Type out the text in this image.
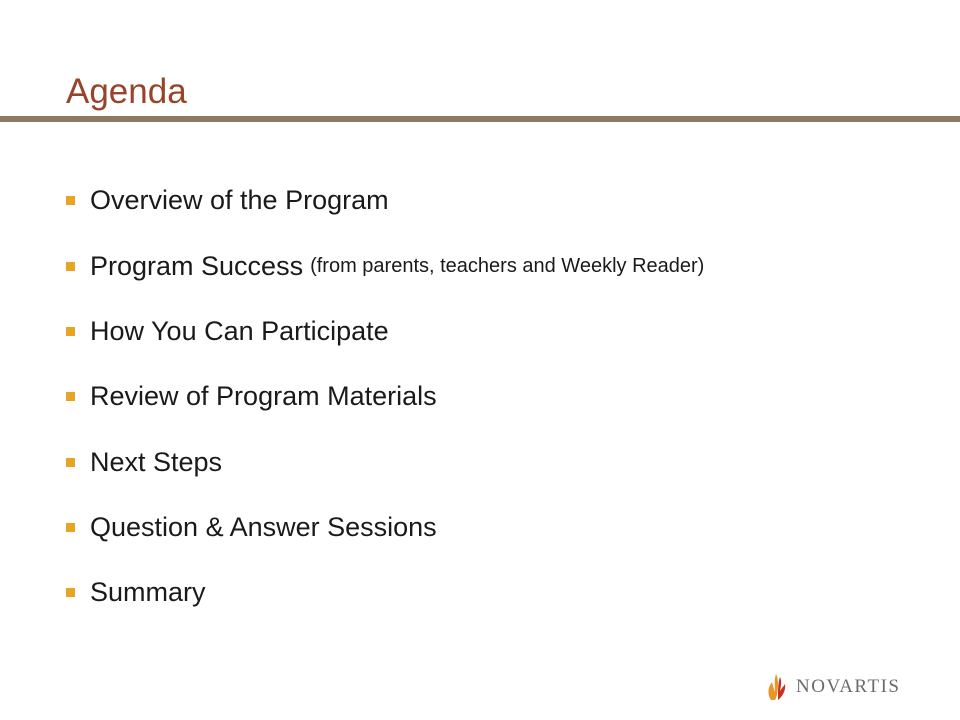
Agenda
Overview of the Program
Program Success (from parents, teachers and Weekly Reader)
How You Can Participate
Review of Program Materials
Next Steps
Question & Answer Sessions
Summary
NOVARTIS
